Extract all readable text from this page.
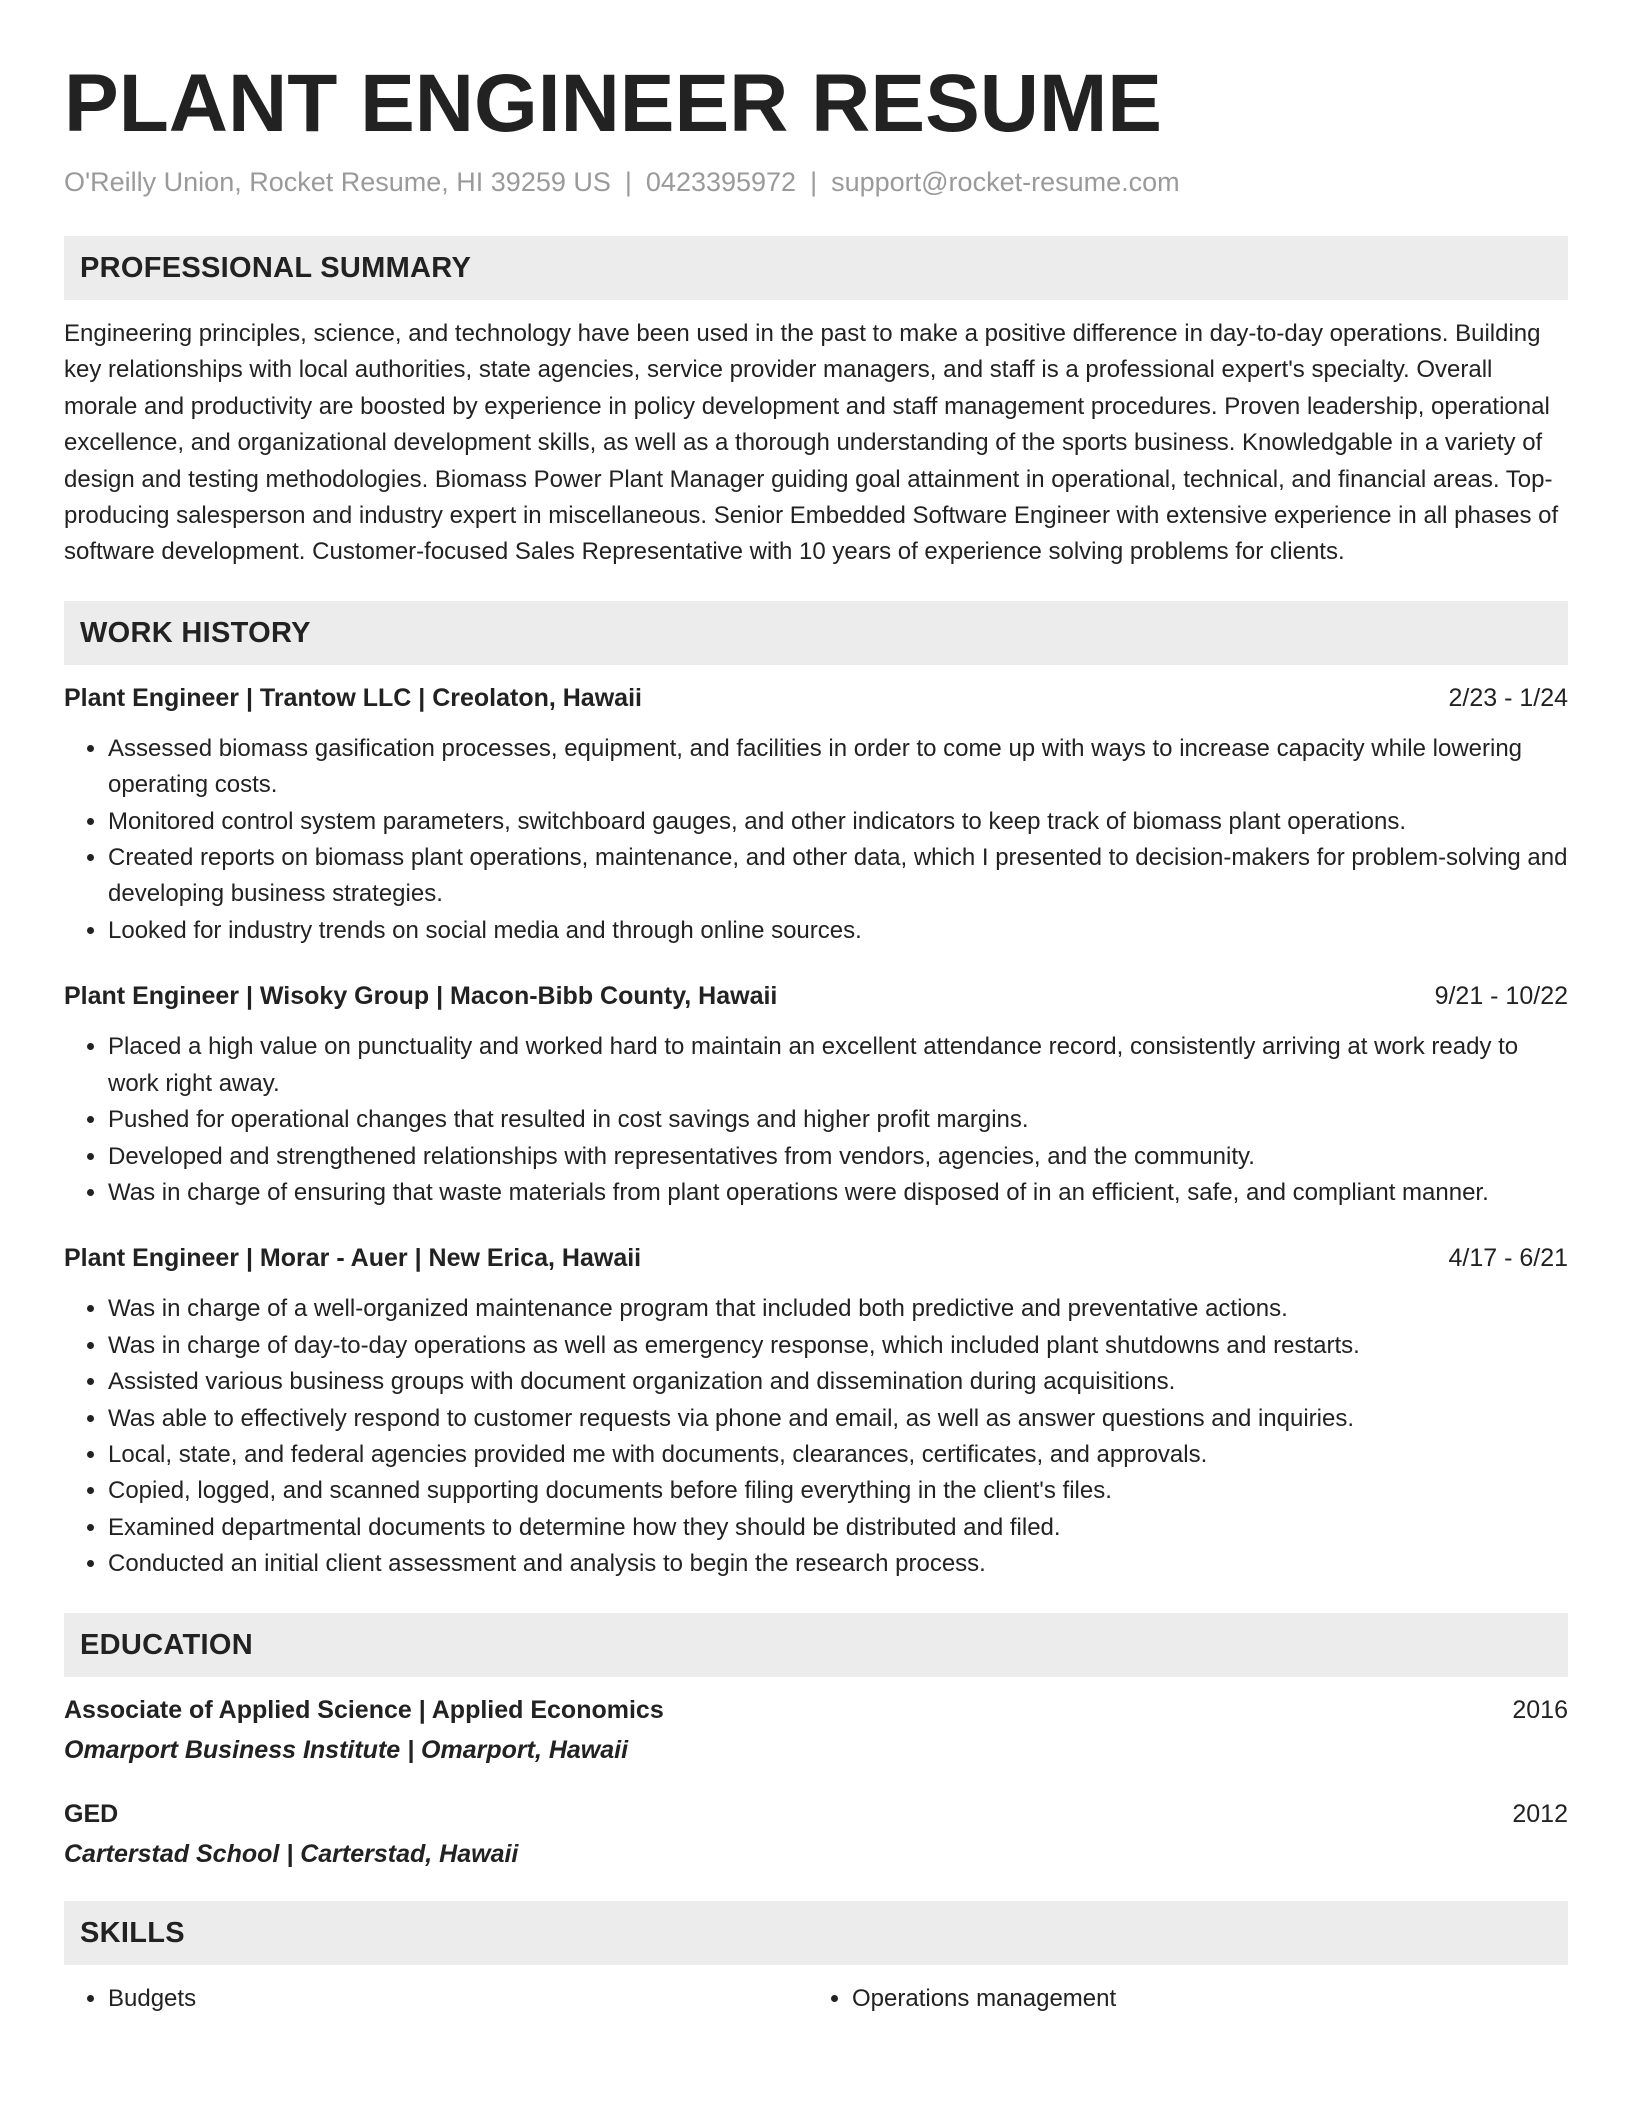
PLANT ENGINEER RESUME
O'Reilly Union, Rocket Resume, HI 39259 US | 0423395972 | support@rocket-resume.com
PROFESSIONAL SUMMARY

Engineering principles, science, and technology have been used in the past to make a positive difference in day-to-day operations. Building key relationships with local authorities, state agencies, service provider managers, and staff is a professional expert's specialty. Overall morale and productivity are boosted by experience in policy development and staff management procedures. Proven leadership, operational excellence, and organizational development skills, as well as a thorough understanding of the sports business. Knowledgable in a variety of design and testing methodologies. Biomass Power Plant Manager guiding goal attainment in operational, technical, and financial areas. Top-producing salesperson and industry expert in miscellaneous. Senior Embedded Software Engineer with extensive experience in all phases of software development. Customer-focused Sales Representative with 10 years of experience solving problems for clients.

WORK HISTORY
Plant Engineer | Trantow LLC | Creolaton, Hawaii	2/23 - 1/24
• Assessed biomass gasification processes, equipment, and facilities in order to come up with ways to increase capacity while lowering operating costs.
• Monitored control system parameters, switchboard gauges, and other indicators to keep track of biomass plant operations.
• Created reports on biomass plant operations, maintenance, and other data, which I presented to decision-makers for problem-solving and developing business strategies.
• Looked for industry trends on social media and through online sources.
Plant Engineer | Wisoky Group | Macon-Bibb County, Hawaii	9/21 - 10/22
• Placed a high value on punctuality and worked hard to maintain an excellent attendance record, consistently arriving at work ready to work right away.
• Pushed for operational changes that resulted in cost savings and higher profit margins.
• Developed and strengthened relationships with representatives from vendors, agencies, and the community.
• Was in charge of ensuring that waste materials from plant operations were disposed of in an efficient, safe, and compliant manner.
Plant Engineer | Morar - Auer | New Erica, Hawaii	4/17 - 6/21
• Was in charge of a well-organized maintenance program that included both predictive and preventative actions.
• Was in charge of day-to-day operations as well as emergency response, which included plant shutdowns and restarts.
• Assisted various business groups with document organization and dissemination during acquisitions.
• Was able to effectively respond to customer requests via phone and email, as well as answer questions and inquiries.
• Local, state, and federal agencies provided me with documents, clearances, certificates, and approvals.
• Copied, logged, and scanned supporting documents before filing everything in the client's files.
• Examined departmental documents to determine how they should be distributed and filed.
• Conducted an initial client assessment and analysis to begin the research process.
EDUCATION
Associate of Applied Science | Applied Economics	2016
Omarport Business Institute | Omarport, Hawaii
GED	2012
Carterstad School | Carterstad, Hawaii
SKILLS
• Budgets
•	Operations management
